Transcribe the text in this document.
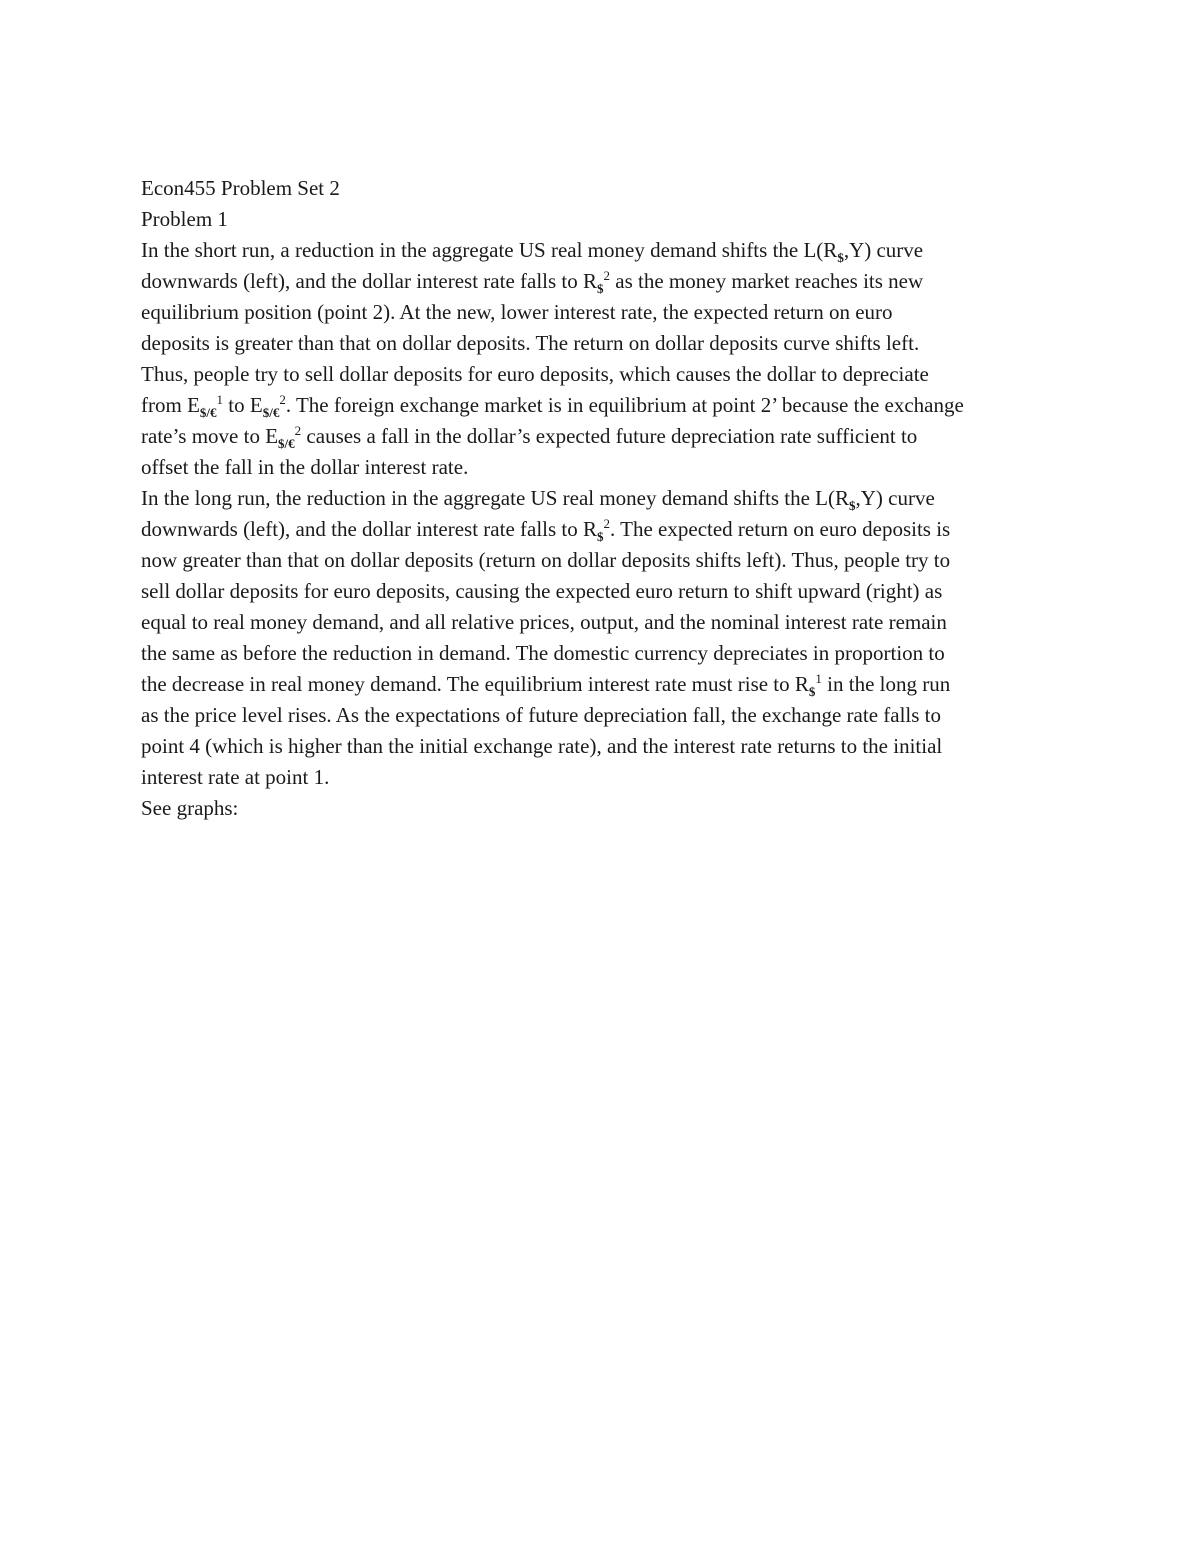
Econ455 Problem Set 2
Problem 1
In the short run, a reduction in the aggregate US real money demand shifts the $L(R_{\$},Y)$ curve
downwards (left), and the dollar interest rate falls to $R_{\$}^2$ as the money market reaches its new
equilibrium position (point 2). At the new, lower interest rate, the expected return on euro
deposits is greater than that on dollar deposits. The return on dollar deposits curve shifts left.
Thus, people try to sell dollar deposits for euro deposits, which causes the dollar to depreciate
from $E_{\$/€}^1$ to $E_{\$/€}^2$. The foreign exchange market is in equilibrium at point 2’ because the exchange
rate’s move to $E_{\$/€}^2$ causes a fall in the dollar’s expected future depreciation rate sufficient to
offset the fall in the dollar interest rate.
In the long run, the reduction in the aggregate US real money demand shifts the $L(R_{\$},Y)$ curve
downwards (left), and the dollar interest rate falls to $R_{\$}^2$. The expected return on euro deposits is
now greater than that on dollar deposits (return on dollar deposits shifts left). Thus, people try to
sell dollar deposits for euro deposits, causing the expected euro return to shift upward (right) as
equal to real money demand, and all relative prices, output, and the nominal interest rate remain
the same as before the reduction in demand. The domestic currency depreciates in proportion to
the decrease in real money demand. The equilibrium interest rate must rise to $R_{\$}^1$ in the long run
as the price level rises. As the expectations of future depreciation fall, the exchange rate falls to
point 4 (which is higher than the initial exchange rate), and the interest rate returns to the initial
interest rate at point 1.
See graphs:
